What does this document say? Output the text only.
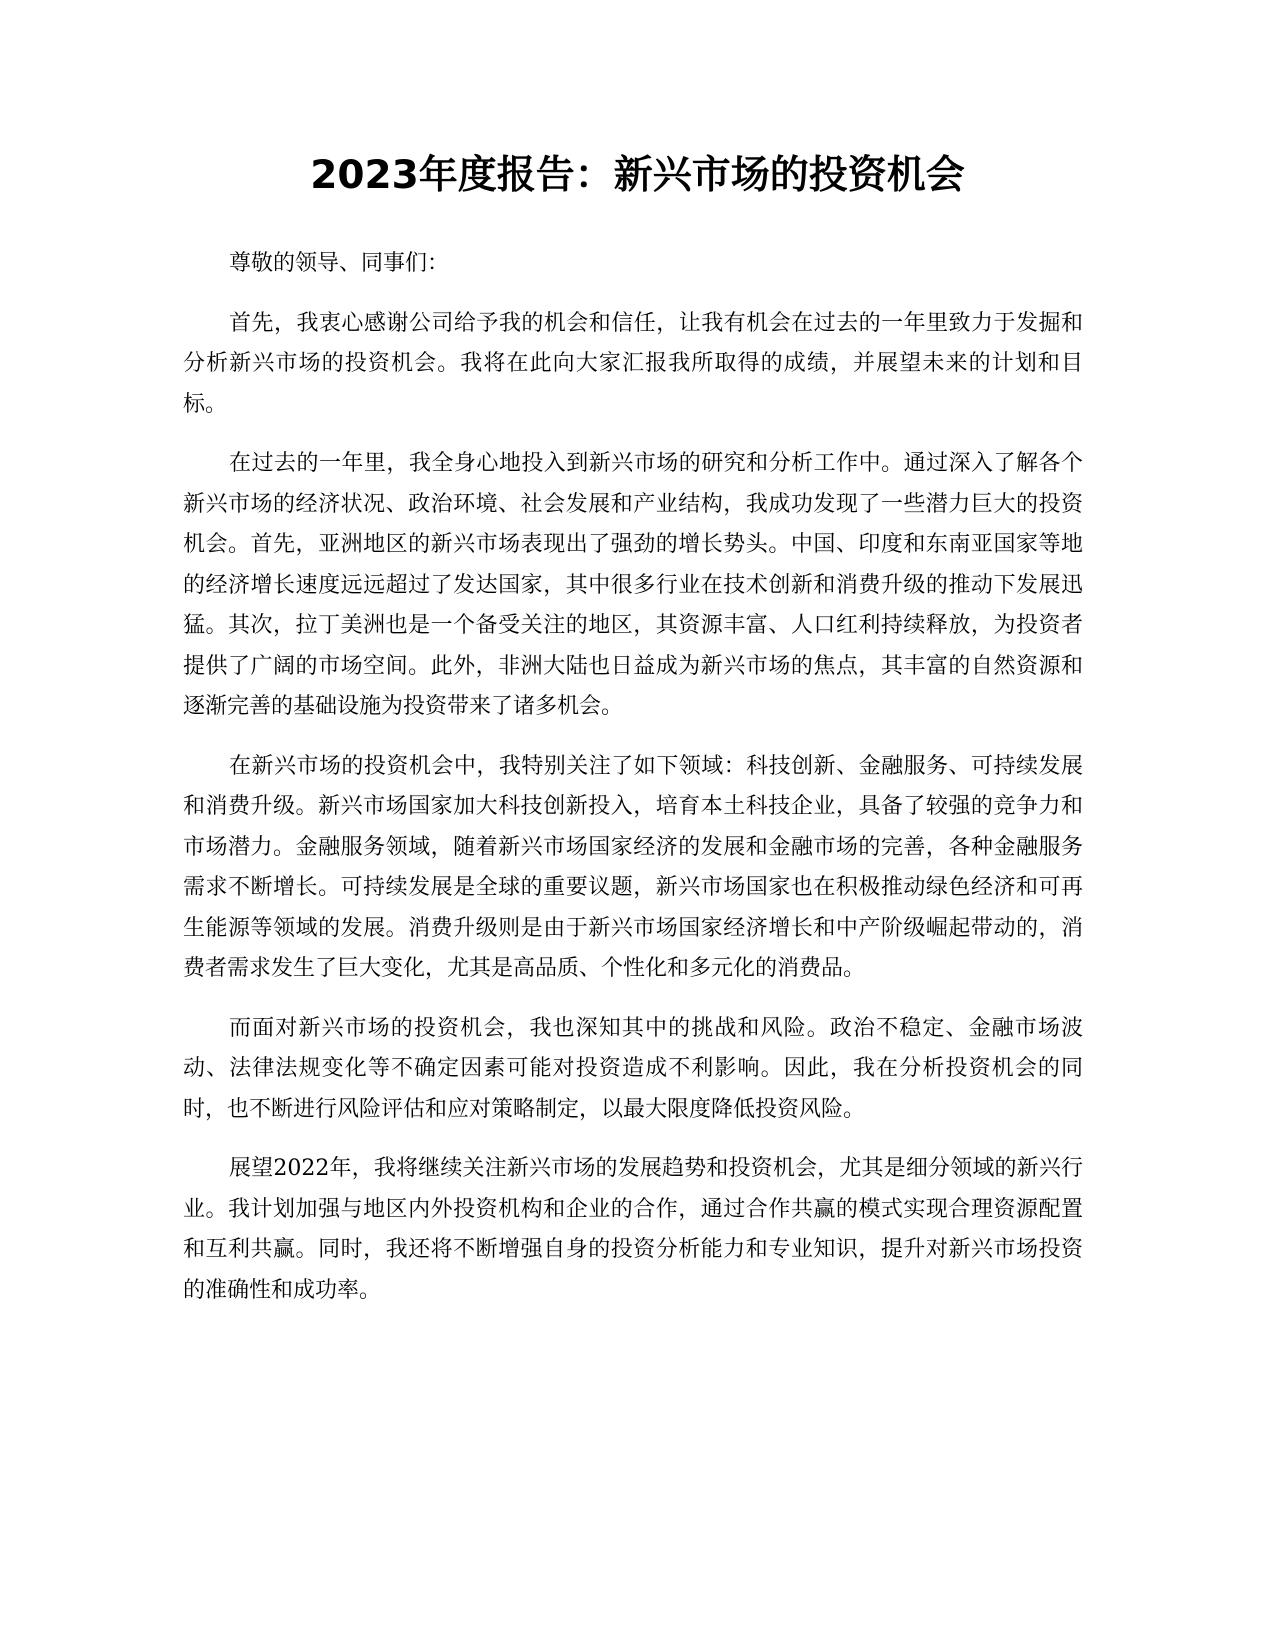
2023年度报告：新兴市场的投资机会

尊敬的领导、同事们：

首先，我衷心感谢公司给予我的机会和信任，让我有机会在过去的一年里致力于发掘和分析新兴市场的投资机会。我将在此向大家汇报我所取得的成绩，并展望未来的计划和目标。

在过去的一年里，我全身心地投入到新兴市场的研究和分析工作中。通过深入了解各个新兴市场的经济状况、政治环境、社会发展和产业结构，我成功发现了一些潜力巨大的投资机会。首先，亚洲地区的新兴市场表现出了强劲的增长势头。中国、印度和东南亚国家等地的经济增长速度远远超过了发达国家，其中很多行业在技术创新和消费升级的推动下发展迅猛。其次，拉丁美洲也是一个备受关注的地区，其资源丰富、人口红利持续释放，为投资者提供了广阔的市场空间。此外，非洲大陆也日益成为新兴市场的焦点，其丰富的自然资源和逐渐完善的基础设施为投资带来了诸多机会。

在新兴市场的投资机会中，我特别关注了如下领域：科技创新、金融服务、可持续发展和消费升级。新兴市场国家加大科技创新投入，培育本土科技企业，具备了较强的竞争力和市场潜力。金融服务领域，随着新兴市场国家经济的发展和金融市场的完善，各种金融服务需求不断增长。可持续发展是全球的重要议题，新兴市场国家也在积极推动绿色经济和可再生能源等领域的发展。消费升级则是由于新兴市场国家经济增长和中产阶级崛起带动的，消费者需求发生了巨大变化，尤其是高品质、个性化和多元化的消费品。

而面对新兴市场的投资机会，我也深知其中的挑战和风险。政治不稳定、金融市场波动、法律法规变化等不确定因素可能对投资造成不利影响。因此，我在分析投资机会的同时，也不断进行风险评估和应对策略制定，以最大限度降低投资风险。

展望2022年，我将继续关注新兴市场的发展趋势和投资机会，尤其是细分领域的新兴行业。我计划加强与地区内外投资机构和企业的合作，通过合作共赢的模式实现合理资源配置和互利共赢。同时，我还将不断增强自身的投资分析能力和专业知识，提升对新兴市场投资的准确性和成功率。
